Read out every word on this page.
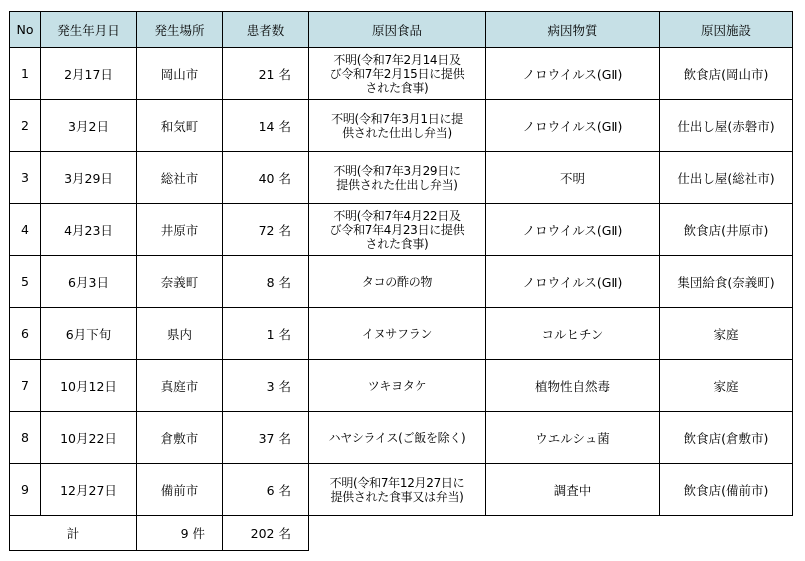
No	発生年月日	発生場所	患者数	原因食品	病因物質	原因施設
1	2月17日	岡山市	21 名	不明(令和7年2月14日及
び令和7年2月15日に提供
された食事)	ノロウイルス(GⅡ)	飲食店(岡山市)
2	3月2日	和気町	14 名	不明(令和7年3月1日に提
供された仕出し弁当)	ノロウイルス(GⅡ)	仕出し屋(赤磐市)
3	3月29日	総社市	40 名	不明(令和7年3月29日に
提供された仕出し弁当)	不明	仕出し屋(総社市)
4	4月23日	井原市	72 名	不明(令和7年4月22日及
び令和7年4月23日に提供
された食事)	ノロウイルス(GⅡ)	飲食店(井原市)
5	6月3日	奈義町	8 名	タコの酢の物	ノロウイルス(GⅡ)	集団給食(奈義町)
6	6月下旬	県内	1 名	イヌサフラン	コルヒチン	家庭
7	10月12日	真庭市	3 名	ツキヨタケ	植物性自然毒	家庭
8	10月22日	倉敷市	37 名	ハヤシライス(ご飯を除く)	ウエルシュ菌	飲食店(倉敷市)
9	12月27日	備前市	6 名	不明(令和7年12月27日に
提供された食事又は弁当)	調査中	飲食店(備前市)
計		9 件	202 名			
